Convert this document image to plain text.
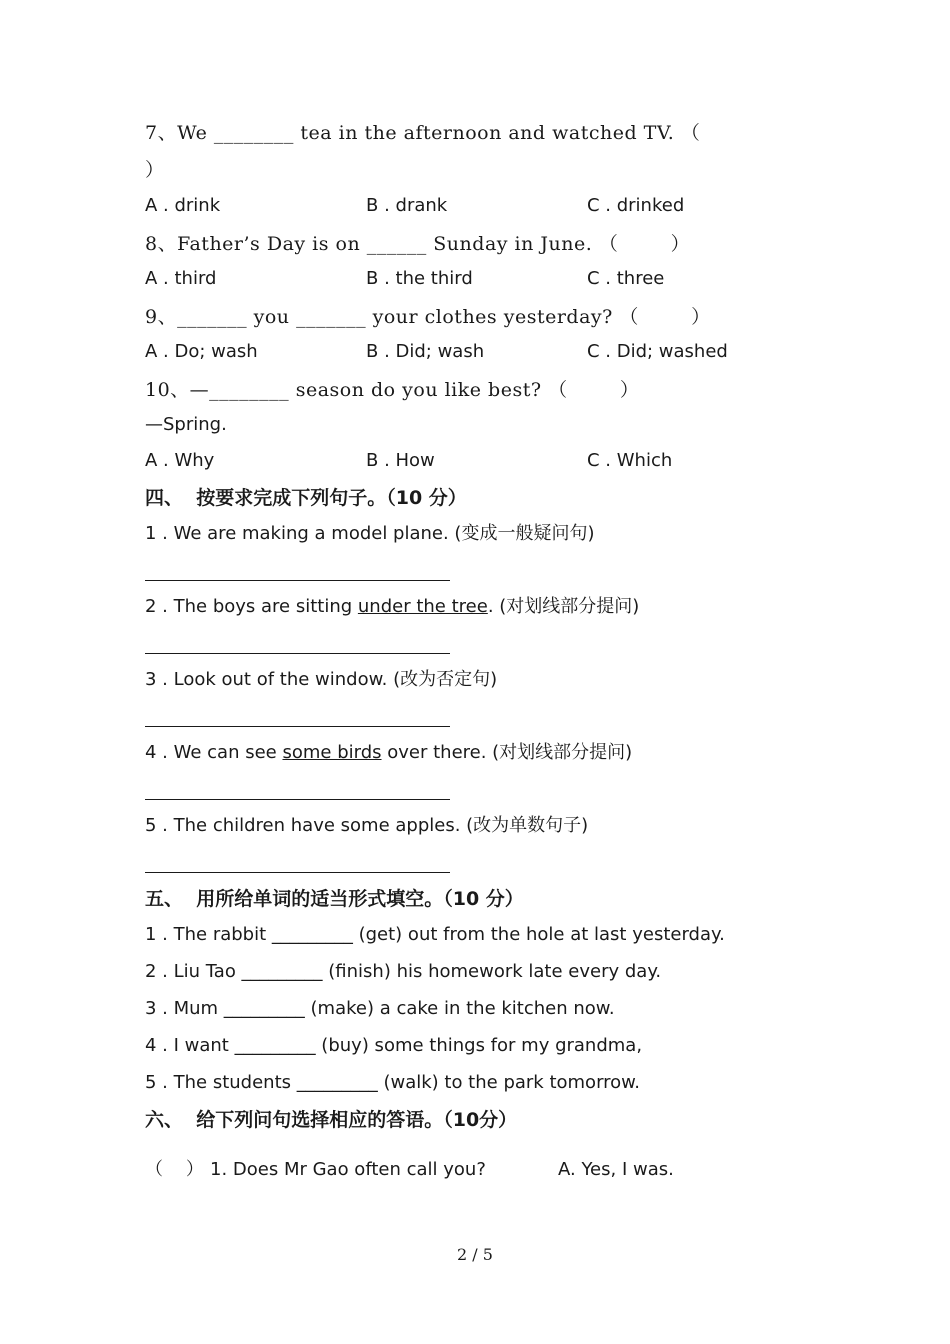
7、We ________ tea in the afternoon and watched TV. （
）
A . drink	B . drank	C . drinked
8、Father’s Day is on ______ Sunday in June. （        ）
A . third	B . the third	C . three
9、_______ you _______ your clothes yesterday? （        ）
A . Do; wash	B . Did; wash	C . Did; washed
10、—________ season do you like best? （        ）
—Spring.
A . Why	B . How	C . Which
四、  按要求完成下列句子。（10 分）
1 . We are making a model plane. (变成一般疑问句)
2 . The boys are sitting under the tree. (对划线部分提问)
3 . Look out of the window. (改为否定句)
4 . We can see some birds over there. (对划线部分提问)
5 . The children have some apples. (改为单数句子)
五、  用所给单词的适当形式填空。（10 分）
1 . The rabbit _________ (get) out from the hole at last yesterday.
2 . Liu Tao _________ (finish) his homework late every day.
3 . Mum _________ (make) a cake in the kitchen now.
4 . I want _________ (buy) some things for my grandma,
5 . The students _________ (walk) to the park tomorrow.
六、  给下列问句选择相应的答语。（10分）
（    ） 1. Does Mr Gao often call you?	A. Yes, I was.
2 / 5
